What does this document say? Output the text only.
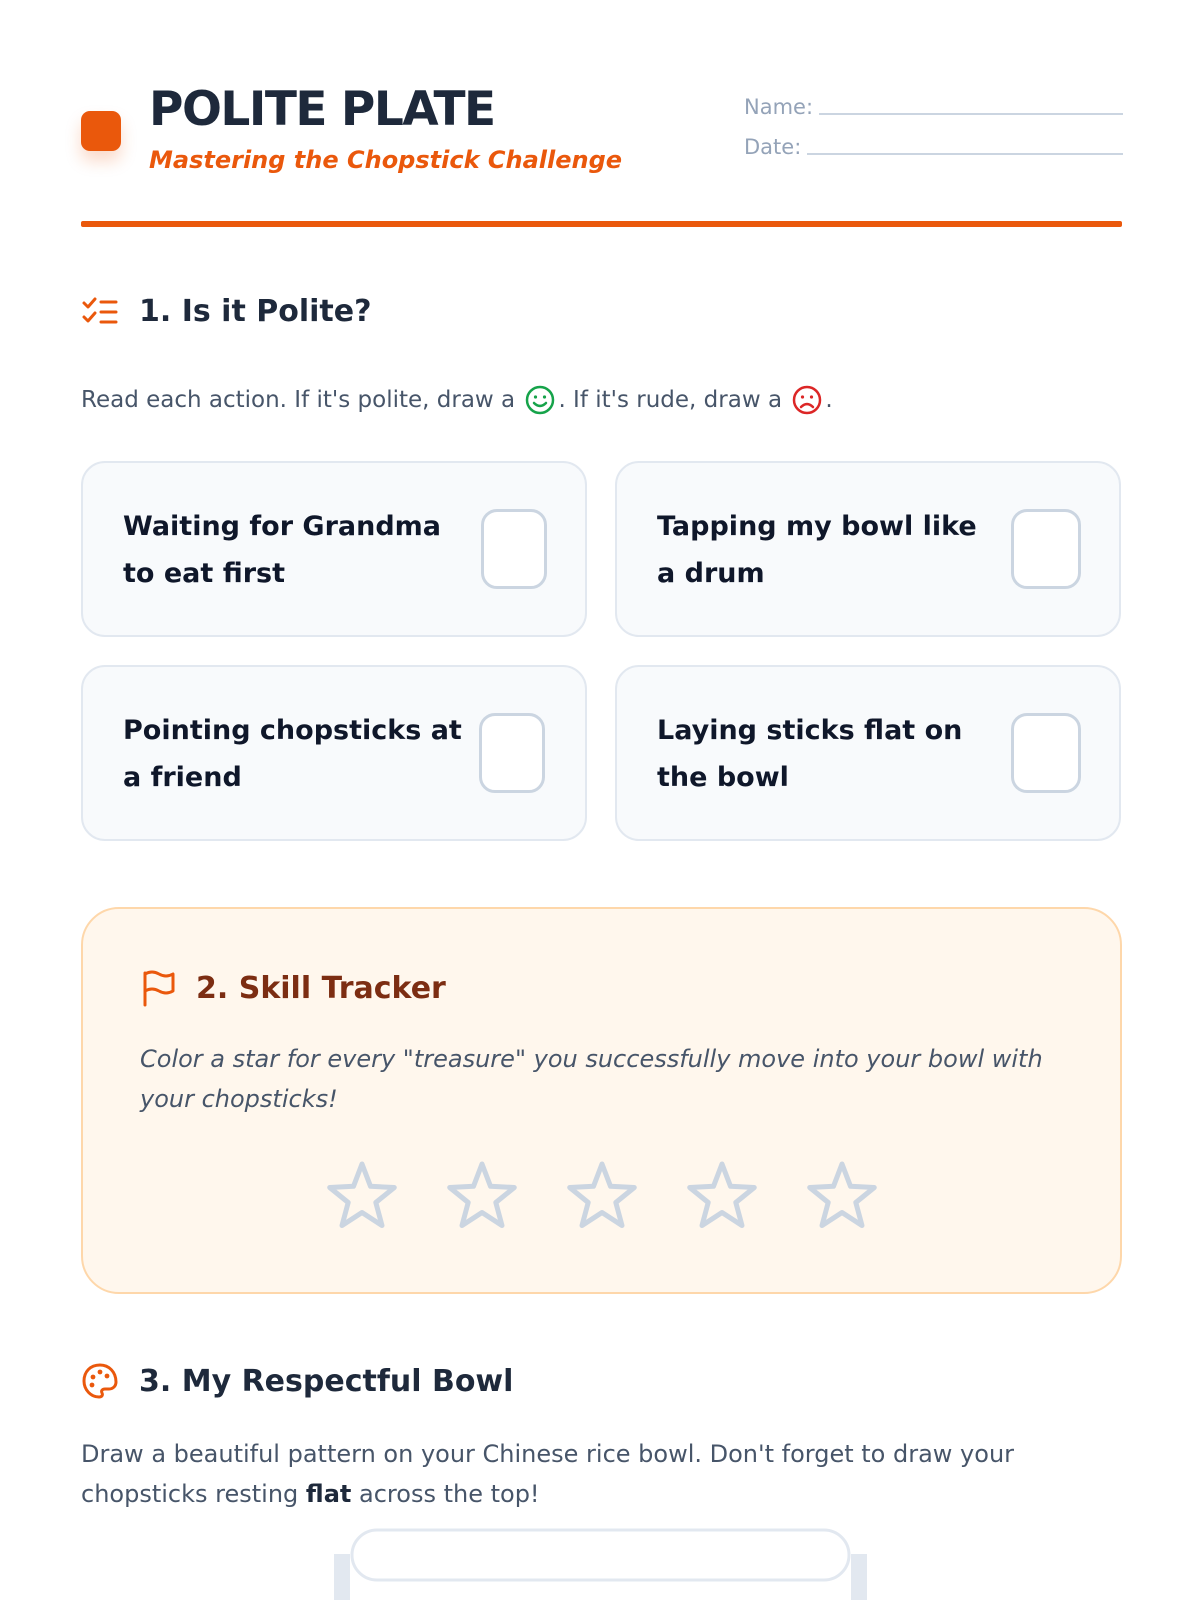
POLITE PLATE
Mastering the Chopstick Challenge
Name:
Date:
1. Is it Polite?
Read each action. If it's polite, draw a
. If it's rude, draw a
.
Waiting for Grandma to eat first
Tapping my bowl like a drum
Pointing chopsticks at a friend
Laying sticks flat on the bowl
2. Skill Tracker
Color a star for every "treasure" you successfully move into your bowl with your chopsticks!
3. My Respectful Bowl
Draw a beautiful pattern on your Chinese rice bowl. Don't forget to draw your chopsticks resting flat across the top!
